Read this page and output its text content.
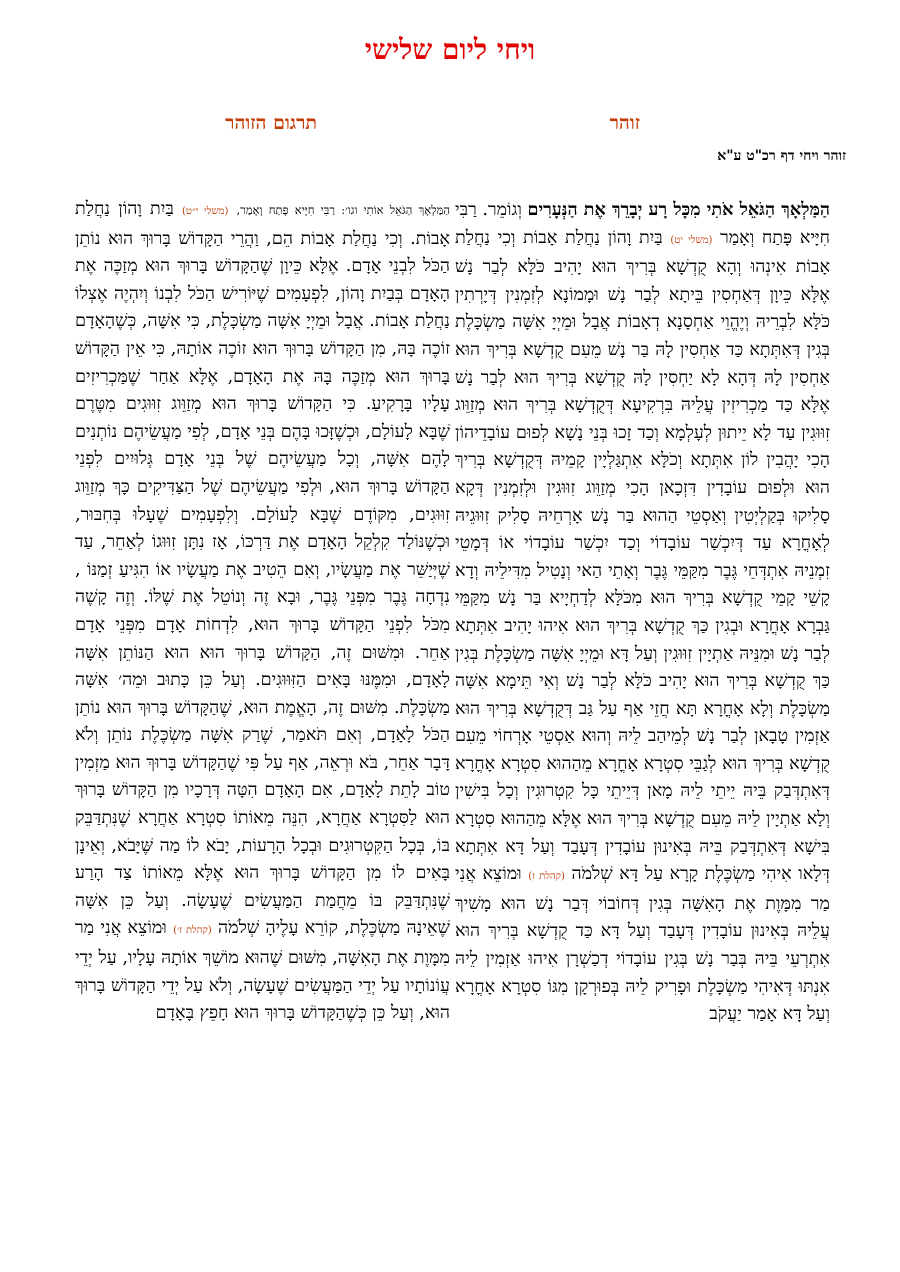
ויחי ליום שלישי
זוהר
תרגום הזוהר
זוהר ויחי דף רכ"ט ע"א

הַמַּלְאָךְ הַגֹּאֵל אֹתִי מִכָּל רָע יְבָרֵךְ אֶת הַנְּעָרִים וְגוֹמֵר. רַבִּי חִיָּיא פָּתַח וְאָמַר (משלי יט) בַּיִת וָהוֹן נַחֲלַת אָבוֹת וְכִי נַחֲלַת אָבוֹת אִינְהוּ וְהָא קֻדְשָׁא בְּרִיךְ הוּא יָהִיב כֹּלָּא לְבַר נָשׁ אֶלָּא כֵּיוָן דְּאַחְסִין בֵּיתָא לְבַר נָשׁ וּמָמוֹנָא לְזִמְנִין דְּיָרְתִין כֹּלָּא לִבְרֵיהּ וְיֶהֱוֵי אַחְסָנָא דְאָבוֹת אֲבָל וּמֵיְיָ אִשָּׁה מַשְׂכָּלֶת בְּגִין דְּאִתְּתָא כַּד אַחְסִין לָהּ בַּר נָשׁ מֵעִם קֻדְשָׁא בְּרִיךְ הוּא אַחְסִין לָהּ דְּהָא לָא יַחְסִין לָהּ קֻדְשָׁא בְּרִיךְ הוּא לְבַר נָשׁ אֶלָּא כַּד מַכְרִיזִין עֲלֵיהּ בִּרְקִיעָא דְּקֻדְשָׁא בְּרִיךְ הוּא מְזַוֵּוג זִוּוּגִין עַד לָא יֵיתוּן לְעָלְמָא וְכַד זָכוּ בְּנֵי נָשָׁא לְפוּם עוֹבָדֵיהוֹן הָכִי יָהֲבִין לוֹן אִתְּתָא וְכֹלָּא אִתְגַּלְיָין קָמֵיהּ דְּקֻדְשָׁא בְּרִיךְ הוּא וּלְפוּם עוֹבָדִין דִּזְכָאן הָכִי מְזַוֵּוג זִוּוּגִין וּלְזִמְנִין דְּקָא סָלִיקוּ בְּקַלְיְטִין וְאַסְטֵי הַהוּא בַּר נָשׁ אָרְחֵיהּ סָלִיק זִוּוּגֵיהּ לְאָחֳרָא עַד דְּיִכְשַׁר עוֹבָדוֹי וְכַד יִכְשַׁר עוֹבָדוֹי אוֹ דְּמָטֵי זִמְנֵיהּ אִתְדְּחֵי גֶּבֶר מִקַּמֵּי גֶּבֶר וְאָתֵי הַאי וְנָטִיל מִדִּילֵיהּ וְדָא קָשֵׁי קָמֵי קֻדְשָׁא בְּרִיךְ הוּא מִכֹּלָּא לְדַחְיָיא בַּר נָשׁ מִקַּמֵּי גַּבְרָא אָחֳרָא וּבְגִין כַּךְ קֻדְשָׁא בְּרִיךְ הוּא אִיהוּ יָהִיב אִתְּתָא לְבַר נָשׁ וּמִנֵּיהּ אַתְיָין זִוּוּגִין וְעַל דָּא וּמֵיְיָ אִשָּׁה מַשְׂכָּלֶת בְּגִין כַּךְ קֻדְשָׁא בְּרִיךְ הוּא יָהִיב כֹּלָּא לְבַר נָשׁ וְאִי תֵּימָא אִשָּׁה מַשְׂכָּלֶת וְלָא אָחֳרָא תָּא חֲזֵי אַף עַל גַּב דְּקֻדְשָׁא בְּרִיךְ הוּא אַזְמִין טָבָאן לְבַר נָשׁ לְמֵיהַב לֵיהּ וְהוּא אַסְטֵי אָרְחוֹי מֵעִם קֻדְשָׁא בְּרִיךְ הוּא לְגַבֵּי סִטְרָא אָחֳרָא מֵהַהוּא סִטְרָא אָחֳרָא דְּאִתְדְּבַק בֵּיהּ יֵיתֵי לֵיהּ מָאן דְּיֵיתֵי כָּל קִטְרוּגִין וְכָל בִּישִׁין וְלָא אַתְיָין לֵיהּ מֵעִם קֻדְשָׁא בְּרִיךְ הוּא אֶלָּא מֵהַהוּא סִטְרָא בִּישָׁא דְּאִתְדְּבַק בֵּיהּ בְּאִינוּן עוֹבָדִין דְּעָבַד וְעַל דָּא אִתְּתָא דְּלָאו אִיהִי מַשְׂכֶּלֶת קָרָא עַל דָּא שְׁלֹמֹה (קהלת ז) וּמוֹצֵא אֲנִי מַר מִמָּוֶת אֶת הָאִשָּׁה בְּגִין דְּחוֹבוֹי דְּבַר נָשׁ הוּא מָשִׁיךְ עֲלֵיהּ בְּאִינוּן עוֹבָדִין דְּעָבַד וְעַל דָּא כַּד קֻדְשָׁא בְּרִיךְ הוּא אִתְרְעֵי בֵּיהּ בְּבַר נָשׁ בְּגִין עוֹבָדוֹי דְכַשְׁרָן אִיהוּ אַזְמִין לֵיהּ אִנְתּוּ דְּאִיהִי מַשְׂכָּלֶת וּפָרִיק לֵיהּ בְּפוּרְקָן מִגּוֹ סִטְרָא אָחֳרָא וְעַל דָּא אָמַר יַעֲקֹב

הַמַּלְאָךְ הַגֹּאֵל אוֹתִי וגו׳: רַבִּי חִיָּיא פָּתַח וְאָמַר, (משלי י״ט) בַּיִת וָהוֹן נַחֲלַת אָבוֹת. וְכִי נַחֲלַת אָבוֹת הֵם, וַהֲרֵי הַקָּדוֹשׁ בָּרוּךְ הוּא נוֹתֵן הַכֹּל לִבְנֵי אָדָם. אֶלָּא כֵּיוָן שֶׁהַקָּדוֹשׁ בָּרוּךְ הוּא מְזַכֶּה אֶת הָאָדָם בְּבַיִת וָהוֹן, לִפְעָמִים שֶׁיּוֹרִישׁ הַכֹּל לִבְנוֹ וְיִהְיֶה אֶצְלוֹ נַחֲלַת אָבוֹת. אֲבָל וּמֵיְיָ אִשָּׁה מַשְׂכָּלֶת, כִּי אִשָּׁה, כְּשֶׁהָאָדָם זוֹכֶה בָּהּ, מִן הַקָּדוֹשׁ בָּרוּךְ הוּא זוֹכֶה אוֹתָהּ, כִּי אֵין הַקָּדוֹשׁ בָּרוּךְ הוּא מְזַכֶּה בָּהּ אֶת הָאָדָם, אֶלָּא אַחַר שֶׁמַּכְרִיזִים עָלָיו בָּרָקִיעַ. כִּי הַקָּדוֹשׁ בָּרוּךְ הוּא מְזַוֵּוג זִוּוּגִים מִטֶּרֶם שֶׁבָּא לָעוֹלָם, וּכְשֶׁזָּכוּ בָּהֶם בְּנֵי אָדָם, לְפִי מַעֲשֵׂיהֶם נוֹתְנִים לָהֶם אִשָּׁה, וְכָל מַעֲשֵׂיהֶם שֶׁל בְּנֵי אָדָם גְּלוּיִים לִפְנֵי הַקָּדוֹשׁ בָּרוּךְ הוּא, וּלְפִי מַעֲשֵׂיהֶם שֶׁל הַצַּדִּיקִים כָּךְ מְזַוֵּוג זִוּוּגִים, מִקּוֹדֶם שֶׁבָּא לָעוֹלָם. וְלִפְעָמִים שֶׁעָלוּ בְּחִבּוּר, וּכְשֶׁנּוֹלַד קִלְקֵל הָאָדָם אֶת דַּרְכּוֹ, אָז נִתָּן זִוּוּגוֹ לְאַחֵר, עַד שֶׁיְּיַשֵּׁר אֶת מַעֲשָׂיו, וְאִם הֵטִיב אֶת מַעֲשָׂיו אוֹ הִגִּיעַ זְמַנּוֹ , נִדְחָה גֶּבֶר מִפְּנֵי גֶּבֶר, וּבָא זֶה וְנוֹטֵל אֶת שֶׁלּוֹ. וְזֶה קָשֶׁה מִכֹּל לִפְנֵי הַקָּדוֹשׁ בָּרוּךְ הוּא, לִדְחוֹת אָדָם מִפְּנֵי אָדָם אַחֵר. וּמִשּׁוּם זֶה, הַקָּדוֹשׁ בָּרוּךְ הוּא הוּא הַנּוֹתֵן אִשָּׁה לָאָדָם, וּמִמֶּנּוּ בָּאִים הַזִּוּוּגִים. וְעַל כֵּן כָּתוּב וּמֵה׳ אִשָּׁה מַשְׂכָּלֶת. מִשּׁוּם זֶה, הָאֱמֶת הוּא, שֶׁהַקָּדוֹשׁ בָּרוּךְ הוּא נוֹתֵן הַכֹּל לָאָדָם, וְאִם תֹּאמַר, שֶׁרַק אִשָּׁה מַשְׂכֶּלֶת נוֹתֵן וְלֹא דָּבָר אַחֵר, בֹּא וּרְאֵה, אַף עַל פִּי שֶׁהַקָּדוֹשׁ בָּרוּךְ הוּא מַזְמִין טוֹב לָתֵת לָאָדָם, אִם הָאָדָם הִטָּה דְּרָכָיו מִן הַקָּדוֹשׁ בָּרוּךְ הוּא לַסִּטְרָא אַחֲרָא, הִנֵּה מֵאוֹתוֹ סִטְרָא אַחֲרָא שֶׁנִּתְדַּבֵּק בּוֹ, בְּכָל הַקִּטְרוּגִים וּבְכָל הָרָעוֹת, יָבֹא לוֹ מַה שֶּׁיָּבֹא, וְאֵינָן בָּאִים לוֹ מִן הַקָּדוֹשׁ בָּרוּךְ הוּא אֶלָּא מֵאוֹתוֹ צַד הָרַע שֶׁנִּתְדַּבֵּק בּוֹ מֵחֲמַת הַמַּעֲשִׂים שֶׁעָשָׂה. וְעַל כֵּן אִשָּׁה שֶׁאֵינָהּ מַשְׂכֶּלֶת, קוֹרֵא עָלֶיהָ שְׁלֹמֹה (קהלת ז׳) וּמוֹצֵא אֲנִי מַר מִמָּוֶת אֶת הָאִשָּׁה, מִשּׁוּם שֶׁהוּא מוֹשֵׁךְ אוֹתָהּ עָלָיו, עַל יְדֵי עֲוֹנוֹתָיו עַל יְדֵי הַמַּעֲשִׂים שֶׁעָשָׂה, וְלֹא עַל יְדֵי הַקָּדוֹשׁ בָּרוּךְ הוּא, וְעַל כֵּן כְּשֶׁהַקָּדוֹשׁ בָּרוּךְ הוּא חָפֵץ בָּאָדָם
